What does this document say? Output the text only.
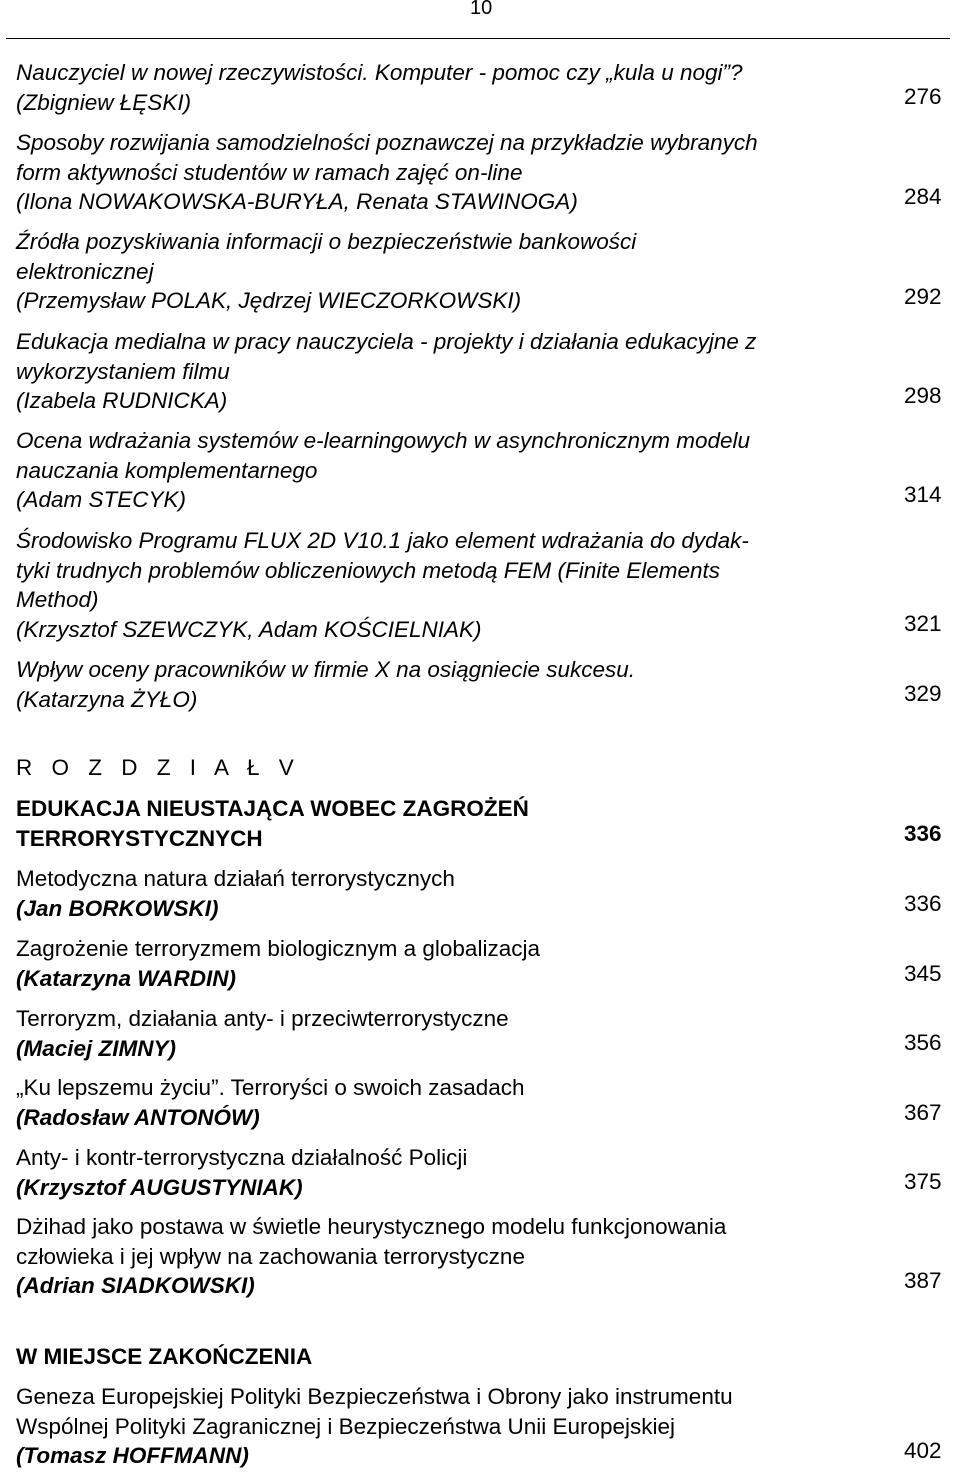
10
Nauczyciel w nowej rzeczywistości. Komputer - pomoc czy „kula u nogi”?
(Zbigniew ŁĘSKI)	276
Sposoby rozwijania samodzielności poznawczej na przykładzie wybranych
form aktywności studentów w ramach zajęć on-line
(Ilona NOWAKOWSKA-BURYŁA, Renata STAWINOGA)	284
Źródła pozyskiwania informacji o bezpieczeństwie bankowości
elektronicznej
(Przemysław POLAK, Jędrzej WIECZORKOWSKI)	292
Edukacja medialna w pracy nauczyciela - projekty i działania edukacyjne z
wykorzystaniem filmu
(Izabela RUDNICKA)	298
Ocena wdrażania systemów e-learningowych w asynchronicznym modelu
nauczania komplementarnego
(Adam STECYK)	314
Środowisko Programu FLUX 2D V10.1 jako element wdrażania do dydak-
tyki trudnych problemów obliczeniowych metodą FEM (Finite Elements
Method)
(Krzysztof SZEWCZYK, Adam KOŚCIELNIAK)	321
Wpływ oceny pracowników w firmie X na osiągniecie sukcesu.
(Katarzyna ŻYŁO)	329
R O Z D Z I A Ł V
EDUKACJA NIEUSTAJĄCA WOBEC ZAGROŻEŃ
TERRORYSTYCZNYCH	336
Metodyczna natura działań terrorystycznych
(Jan BORKOWSKI)	336
Zagrożenie terroryzmem biologicznym a globalizacja
(Katarzyna WARDIN)	345
Terroryzm, działania anty- i przeciwterrorystyczne
(Maciej ZIMNY)	356
„Ku lepszemu życiu”. Terroryści o swoich zasadach
(Radosław ANTONÓW)	367
Anty- i kontr-terrorystyczna działalność Policji
(Krzysztof AUGUSTYNIAK)	375
Dżihad jako postawa w świetle heurystycznego modelu funkcjonowania
człowieka i jej wpływ na zachowania terrorystyczne
(Adrian SIADKOWSKI)	387
W MIEJSCE ZAKOŃCZENIA
Geneza Europejskiej Polityki Bezpieczeństwa i Obrony jako instrumentu
Wspólnej Polityki Zagranicznej i Bezpieczeństwa Unii Europejskiej
(Tomasz HOFFMANN)	402
